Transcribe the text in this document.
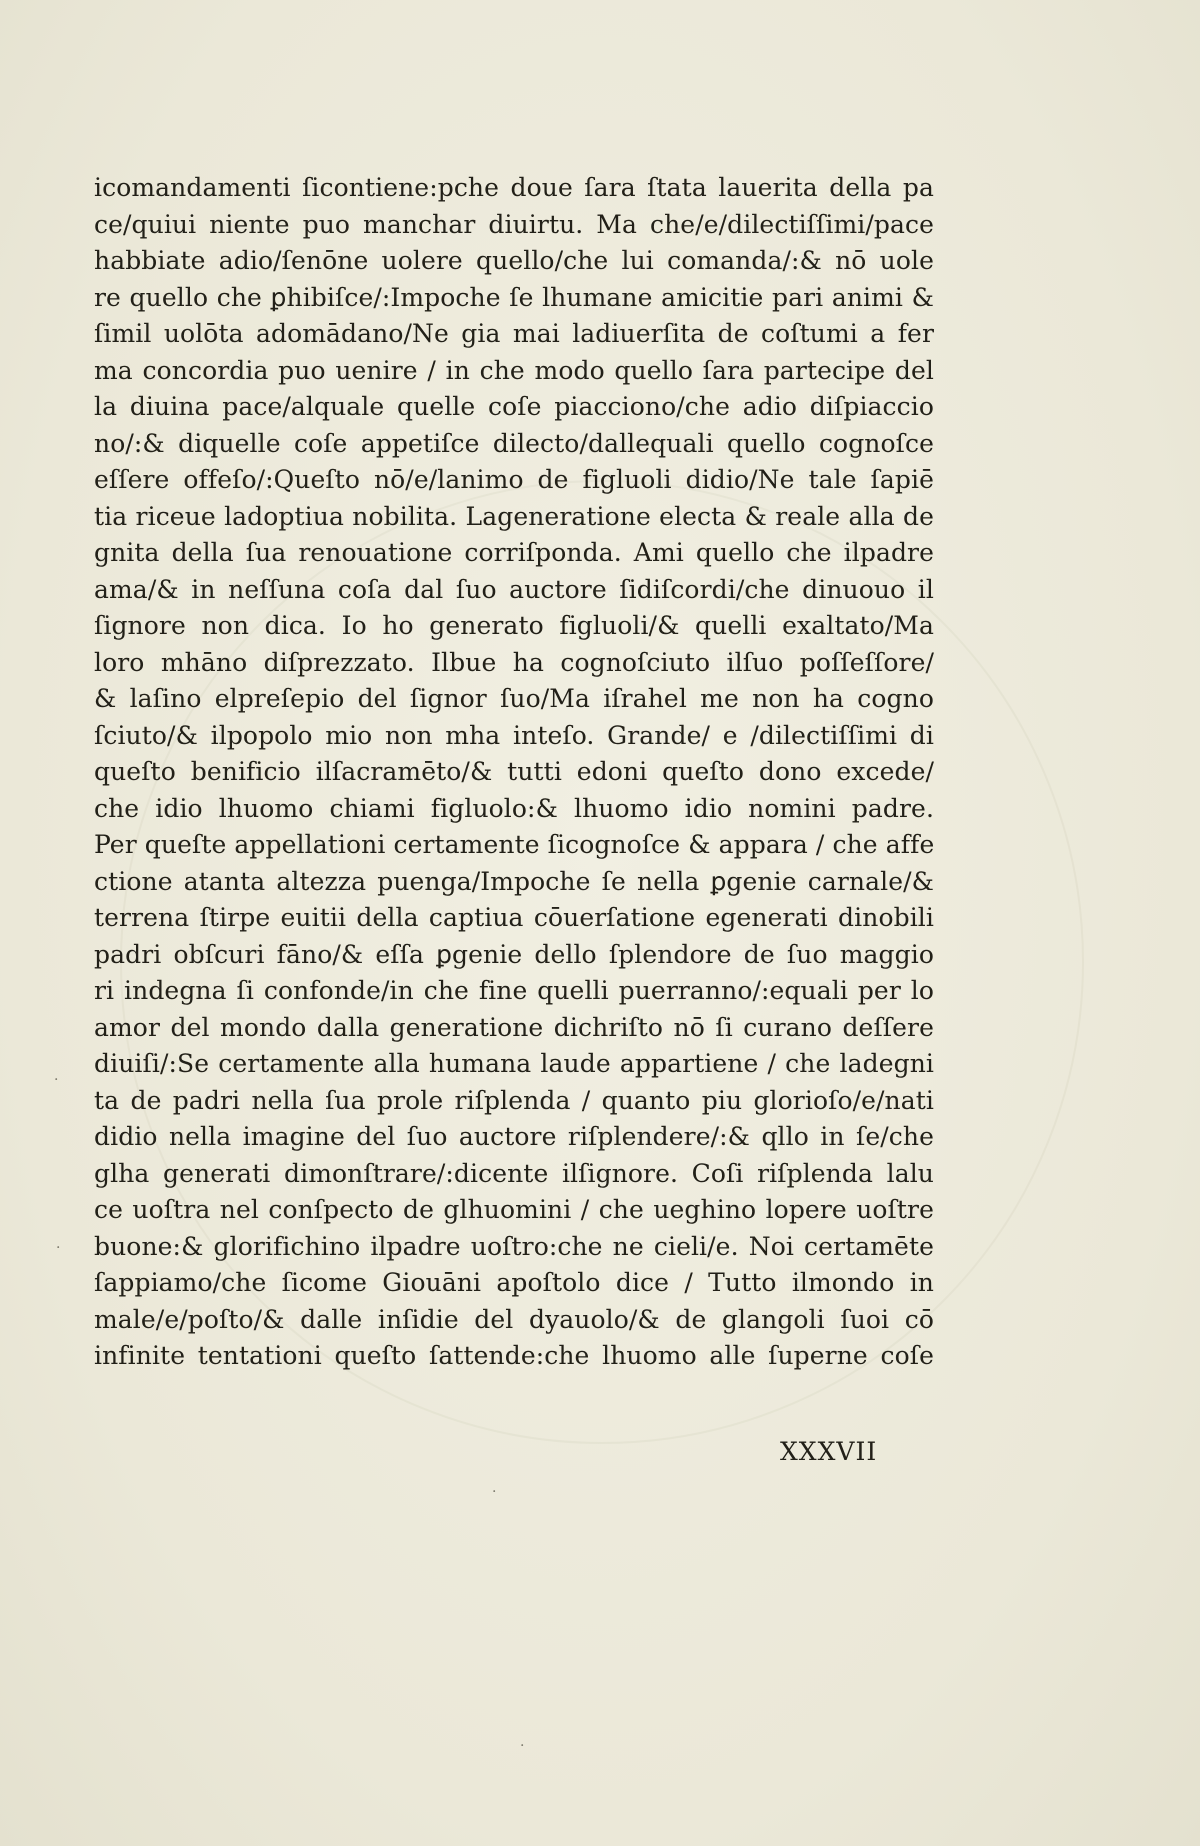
icomandamenti ſicontiene:pche doue ſara ſtata lauerita della pa
ce/quiui niente puo manchar diuirtu. Ma che/e/dilectiſſimi/pace
habbiate adio/ſenōne uolere quello/che lui comanda/:& nō uole
re quello che ꝑhibiſce/:Impoche ſe lhumane amicitie pari animi &
ſimil uolōta adomādano/Ne gia mai ladiuerſita de coſtumi a fer
ma concordia puo uenire / in che modo quello ſara partecipe del
la diuina pace/alquale quelle coſe piacciono/che adio diſpiaccio
no/:& diquelle coſe appetiſce dilecto/dallequali quello cognoſce
eſſere offeſo/:Queſto nō/e/lanimo de figluoli didio/Ne tale ſapiē
tia riceue ladoptiua nobilita. Lageneratione electa & reale alla de
gnita della ſua renouatione corriſponda. Ami quello che ilpadre
ama/& in neſſuna coſa dal ſuo auctore ſidiſcordi/che dinuouo il
ſignore non dica. Io ho generato figluoli/& quelli exaltato/Ma
loro mhāno diſprezzato. Ilbue ha cognoſciuto ilſuo poſſeſſore/
& laſino elpreſepio del ſignor ſuo/Ma iſrahel me non ha cogno
ſciuto/& ilpopolo mio non mha inteſo. Grande/ e /dilectiſſimi di
queſto benificio ilſacramēto/& tutti edoni queſto dono excede/
che idio lhuomo chiami figluolo:& lhuomo idio nomini padre.
Per queſte appellationi certamente ſicognoſce & appara / che affe
ctione atanta altezza puenga/Impoche ſe nella ꝑgenie carnale/&
terrena ſtirpe euitii della captiua cōuerſatione egenerati dinobili
padri obſcuri fāno/& eſſa ꝑgenie dello ſplendore de ſuo maggio
ri indegna ſi confonde/in che fine quelli puerranno/:equali per lo
amor del mondo dalla generatione dichriſto nō ſi curano deſſere
diuiſi/:Se certamente alla humana laude appartiene / che ladegni
ta de padri nella ſua prole riſplenda / quanto piu glorioſo/e/nati
didio nella imagine del ſuo auctore riſplendere/:& qllo in ſe/che
glha generati dimonſtrare/:dicente ilſignore. Coſi riſplenda lalu
ce uoſtra nel conſpecto de glhuomini / che ueghino lopere uoſtre
buone:& glorifichino ilpadre uoſtro:che ne cieli/e. Noi certamēte
ſappiamo/che ſicome Giouāni apoſtolo dice / Tutto ilmondo in
male/e/poſto/& dalle inſidie del dyauolo/& de glangoli ſuoi cō
infinite tentationi queſto ſattende:che lhuomo alle ſuperne coſe
XXXVII
·
·
·
·
